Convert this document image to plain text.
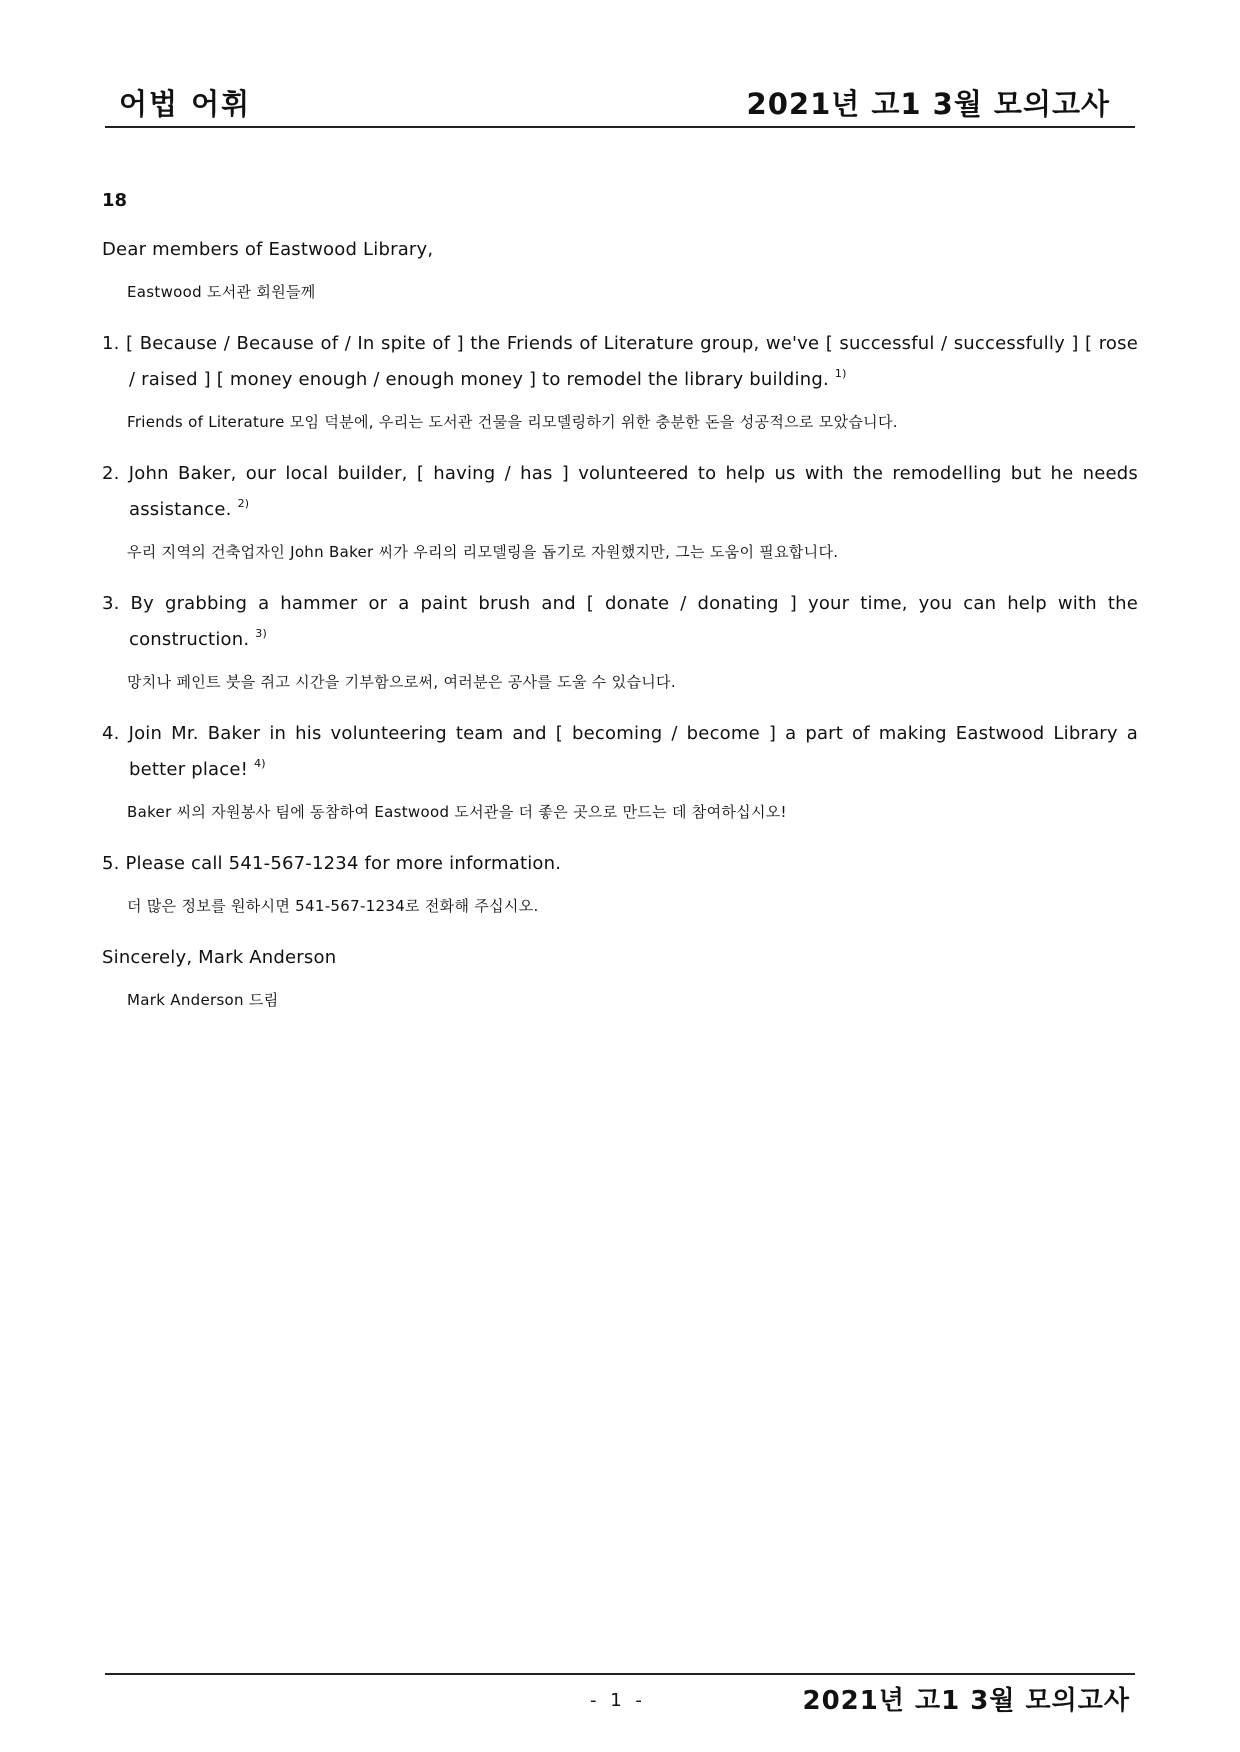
어법 어휘	2021년 고1 3월 모의고사
18
Dear members of Eastwood Library,
Eastwood 도서관 회원들께
1. [ Because / Because of / In spite of ] the Friends of Literature group, we've [ successful / successfully ] [ rose / raised ] [ money enough / enough money ] to remodel the library building. $^{1)}$
Friends of Literature 모임 덕분에, 우리는 도서관 건물을 리모델링하기 위한 충분한 돈을 성공적으로 모았습니다.
2. John Baker, our local builder, [ having / has ] volunteered to help us with the remodelling but he needs assistance. $^{2)}$
우리 지역의 건축업자인 John Baker 씨가 우리의 리모델링을 돕기로 자원했지만, 그는 도움이 필요합니다.
3. By grabbing a hammer or a paint brush and [ donate / donating ] your time, you can help with the construction. $^{3)}$
망치나 페인트 붓을 쥐고 시간을 기부함으로써, 여러분은 공사를 도울 수 있습니다.
4. Join Mr. Baker in his volunteering team and [ becoming / become ] a part of making Eastwood Library a better place! $^{4)}$
Baker 씨의 자원봉사 팀에 동참하여 Eastwood 도서관을 더 좋은 곳으로 만드는 데 참여하십시오!
5. Please call 541-567-1234 for more information.
더 많은 정보를 원하시면 541-567-1234로 전화해 주십시오.
Sincerely, Mark Anderson
Mark Anderson 드림
- 1 -	2021년 고1 3월 모의고사
